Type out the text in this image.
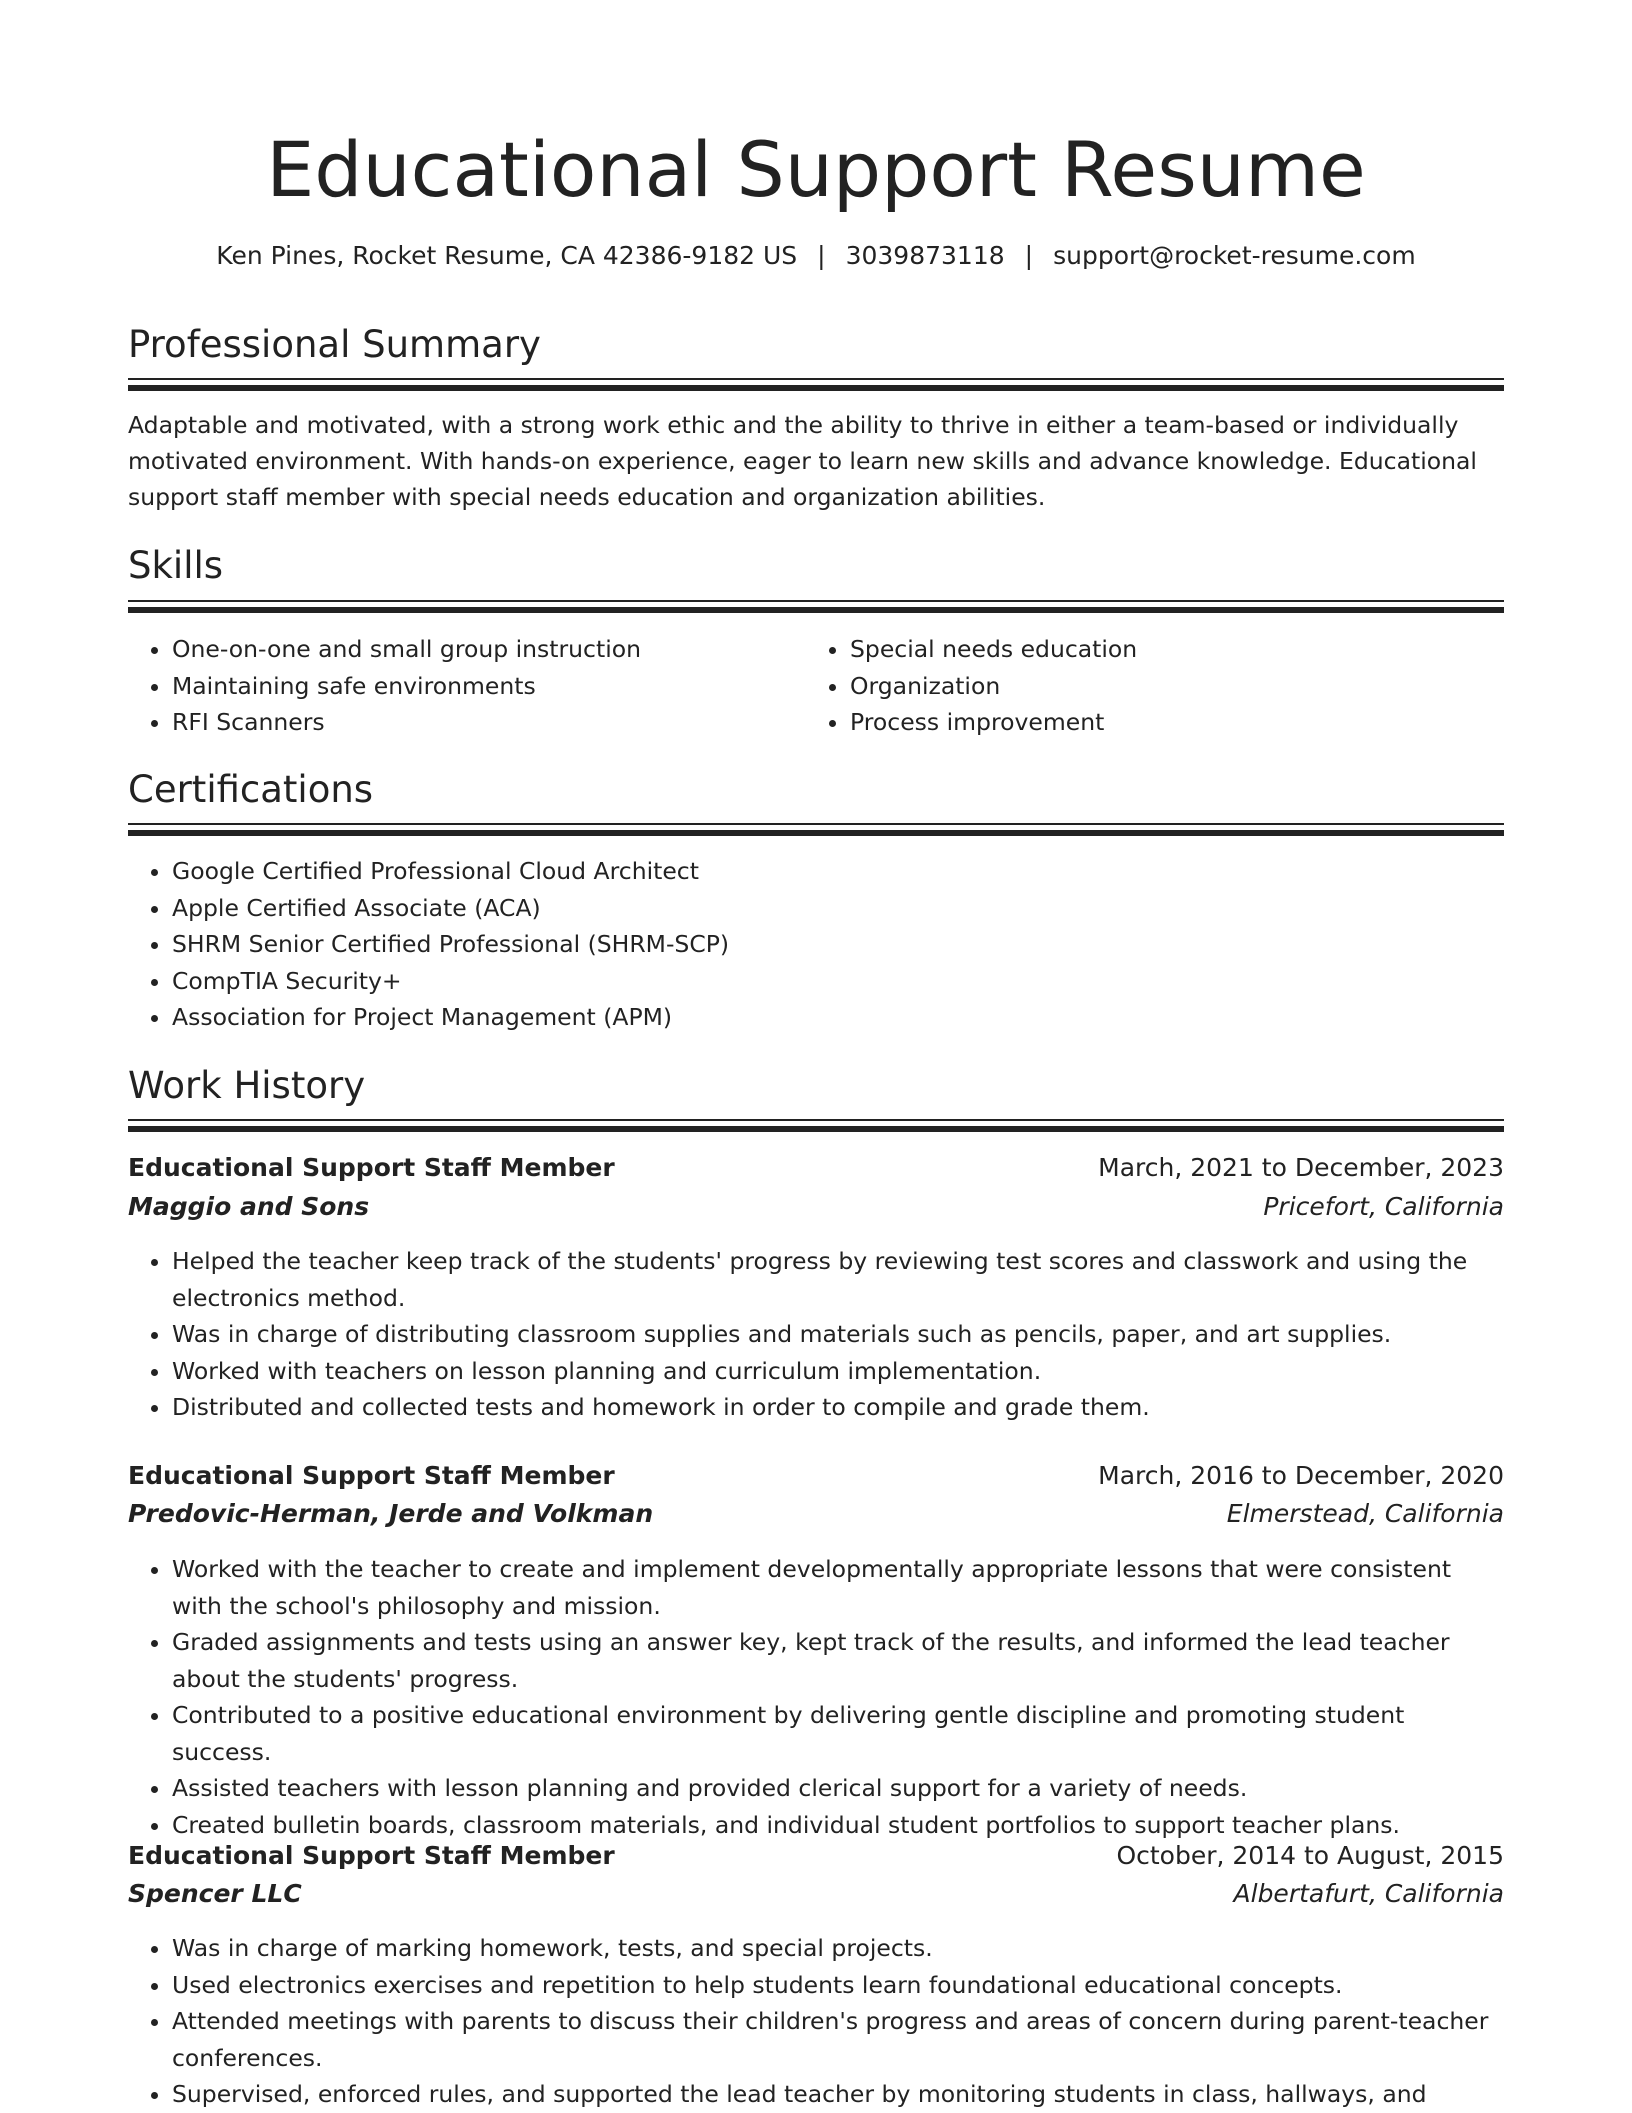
Educational Support Resume
Ken Pines, Rocket Resume, CA 42386-9182 US | 3039873118 | support@rocket-resume.com
Professional Summary

Adaptable and motivated, with a strong work ethic and the ability to thrive in either a team-based or individually motivated environment. With hands-on experience, eager to learn new skills and advance knowledge. Educational support staff member with special needs education and organization abilities.

Skills
• One-on-one and small group instruction
• Maintaining safe environments
• RFI Scanners
• Special needs education
• Organization
• Process improvement
Certifications
• Google Certified Professional Cloud Architect
• Apple Certified Associate (ACA)
• SHRM Senior Certified Professional (SHRM-SCP)
• CompTIA Security+
• Association for Project Management (APM)
Work History
Educational Support Staff Member	March, 2021 to December, 2023
Maggio and Sons	Pricefort, California
• Helped the teacher keep track of the students' progress by reviewing test scores and classwork and using the electronics method.
• Was in charge of distributing classroom supplies and materials such as pencils, paper, and art supplies.
• Worked with teachers on lesson planning and curriculum implementation.
• Distributed and collected tests and homework in order to compile and grade them.
Educational Support Staff Member	March, 2016 to December, 2020
Predovic-Herman, Jerde and Volkman	Elmerstead, California
• Worked with the teacher to create and implement developmentally appropriate lessons that were consistent with the school's philosophy and mission.
• Graded assignments and tests using an answer key, kept track of the results, and informed the lead teacher about the students' progress.
• Contributed to a positive educational environment by delivering gentle discipline and promoting student success.
• Assisted teachers with lesson planning and provided clerical support for a variety of needs.
• Created bulletin boards, classroom materials, and individual student portfolios to support teacher plans.
Educational Support Staff Member	October, 2014 to August, 2015
Spencer LLC	Albertafurt, California
• Was in charge of marking homework, tests, and special projects.
• Used electronics exercises and repetition to help students learn foundational educational concepts.
• Attended meetings with parents to discuss their children's progress and areas of concern during parent-teacher conferences.
• Supervised, enforced rules, and supported the lead teacher by monitoring students in class, hallways, and
